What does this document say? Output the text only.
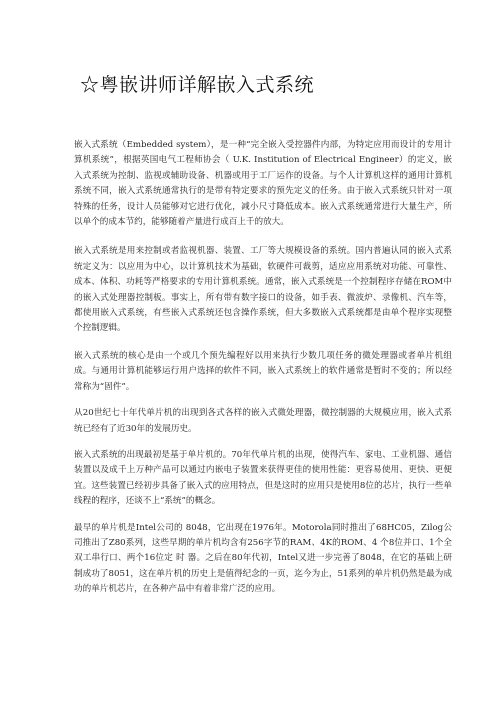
☆粤嵌讲师详解嵌入式系统

嵌入式系统（Embedded system），是一种“完全嵌入受控器件内部，为特定应用而设计的专用计算机系统”，根据英国电气工程师协会（ U.K. Institution of Electrical Engineer）的定义，嵌入式系统为控制、监视或辅助设备、机器或用于工厂运作的设备。与个人计算机这样的通用计算机系统不同，嵌入式系统通常执行的是带有特定要求的预先定义的任务。由于嵌入式系统只针对一项特殊的任务，设计人员能够对它进行优化，减小尺寸降低成本。嵌入式系统通常进行大量生产，所以单个的成本节约，能够随着产量进行成百上千的放大。

嵌入式系统是用来控制或者监视机器、装置、工厂等大规模设备的系统。国内普遍认同的嵌入式系统定义为：以应用为中心，以计算机技术为基础，软硬件可裁剪，适应应用系统对功能、可靠性、成本、体积、功耗等严格要求的专用计算机系统。通常，嵌入式系统是一个控制程序存储在ROM中的嵌入式处理器控制板。事实上，所有带有数字接口的设备，如手表、微波炉、录像机、汽车等，都使用嵌入式系统，有些嵌入式系统还包含操作系统，但大多数嵌入式系统都是由单个程序实现整个控制逻辑。

嵌入式系统的核心是由一个或几个预先编程好以用来执行少数几项任务的微处理器或者单片机组成。与通用计算机能够运行用户选择的软件不同，嵌入式系统上的软件通常是暂时不变的；所以经常称为“固件”。

从20世纪七十年代单片机的出现到各式各样的嵌入式微处理器，微控制器的大规模应用，嵌入式系统已经有了近30年的发展历史。

嵌入式系统的出现最初是基于单片机的。70年代单片机的出现，使得汽车、家电、工业机器、通信装置以及成千上万种产品可以通过内嵌电子装置来获得更佳的使用性能：更容易使用、更快、更便宜。这些装置已经初步具备了嵌入式的应用特点，但是这时的应用只是使用8位的芯片，执行一些单线程的程序，还谈不上“系统”的概念。

最早的单片机是Intel公司的 8048，它出现在1976年。Motorola同时推出了68HC05，Zilog公司推出了Z80系列，这些早期的单片机均含有256字节的RAM、4K的ROM、4 个8位并口、1个全双工串行口、两个16位定 时 器。之后在80年代初，Intel又进一步完善了8048，在它的基础上研制成功了8051，这在单片机的历史上是值得纪念的一页，迄今为止，51系列的单片机仍然是最为成功的单片机芯片，在各种产品中有着非常广泛的应用。
